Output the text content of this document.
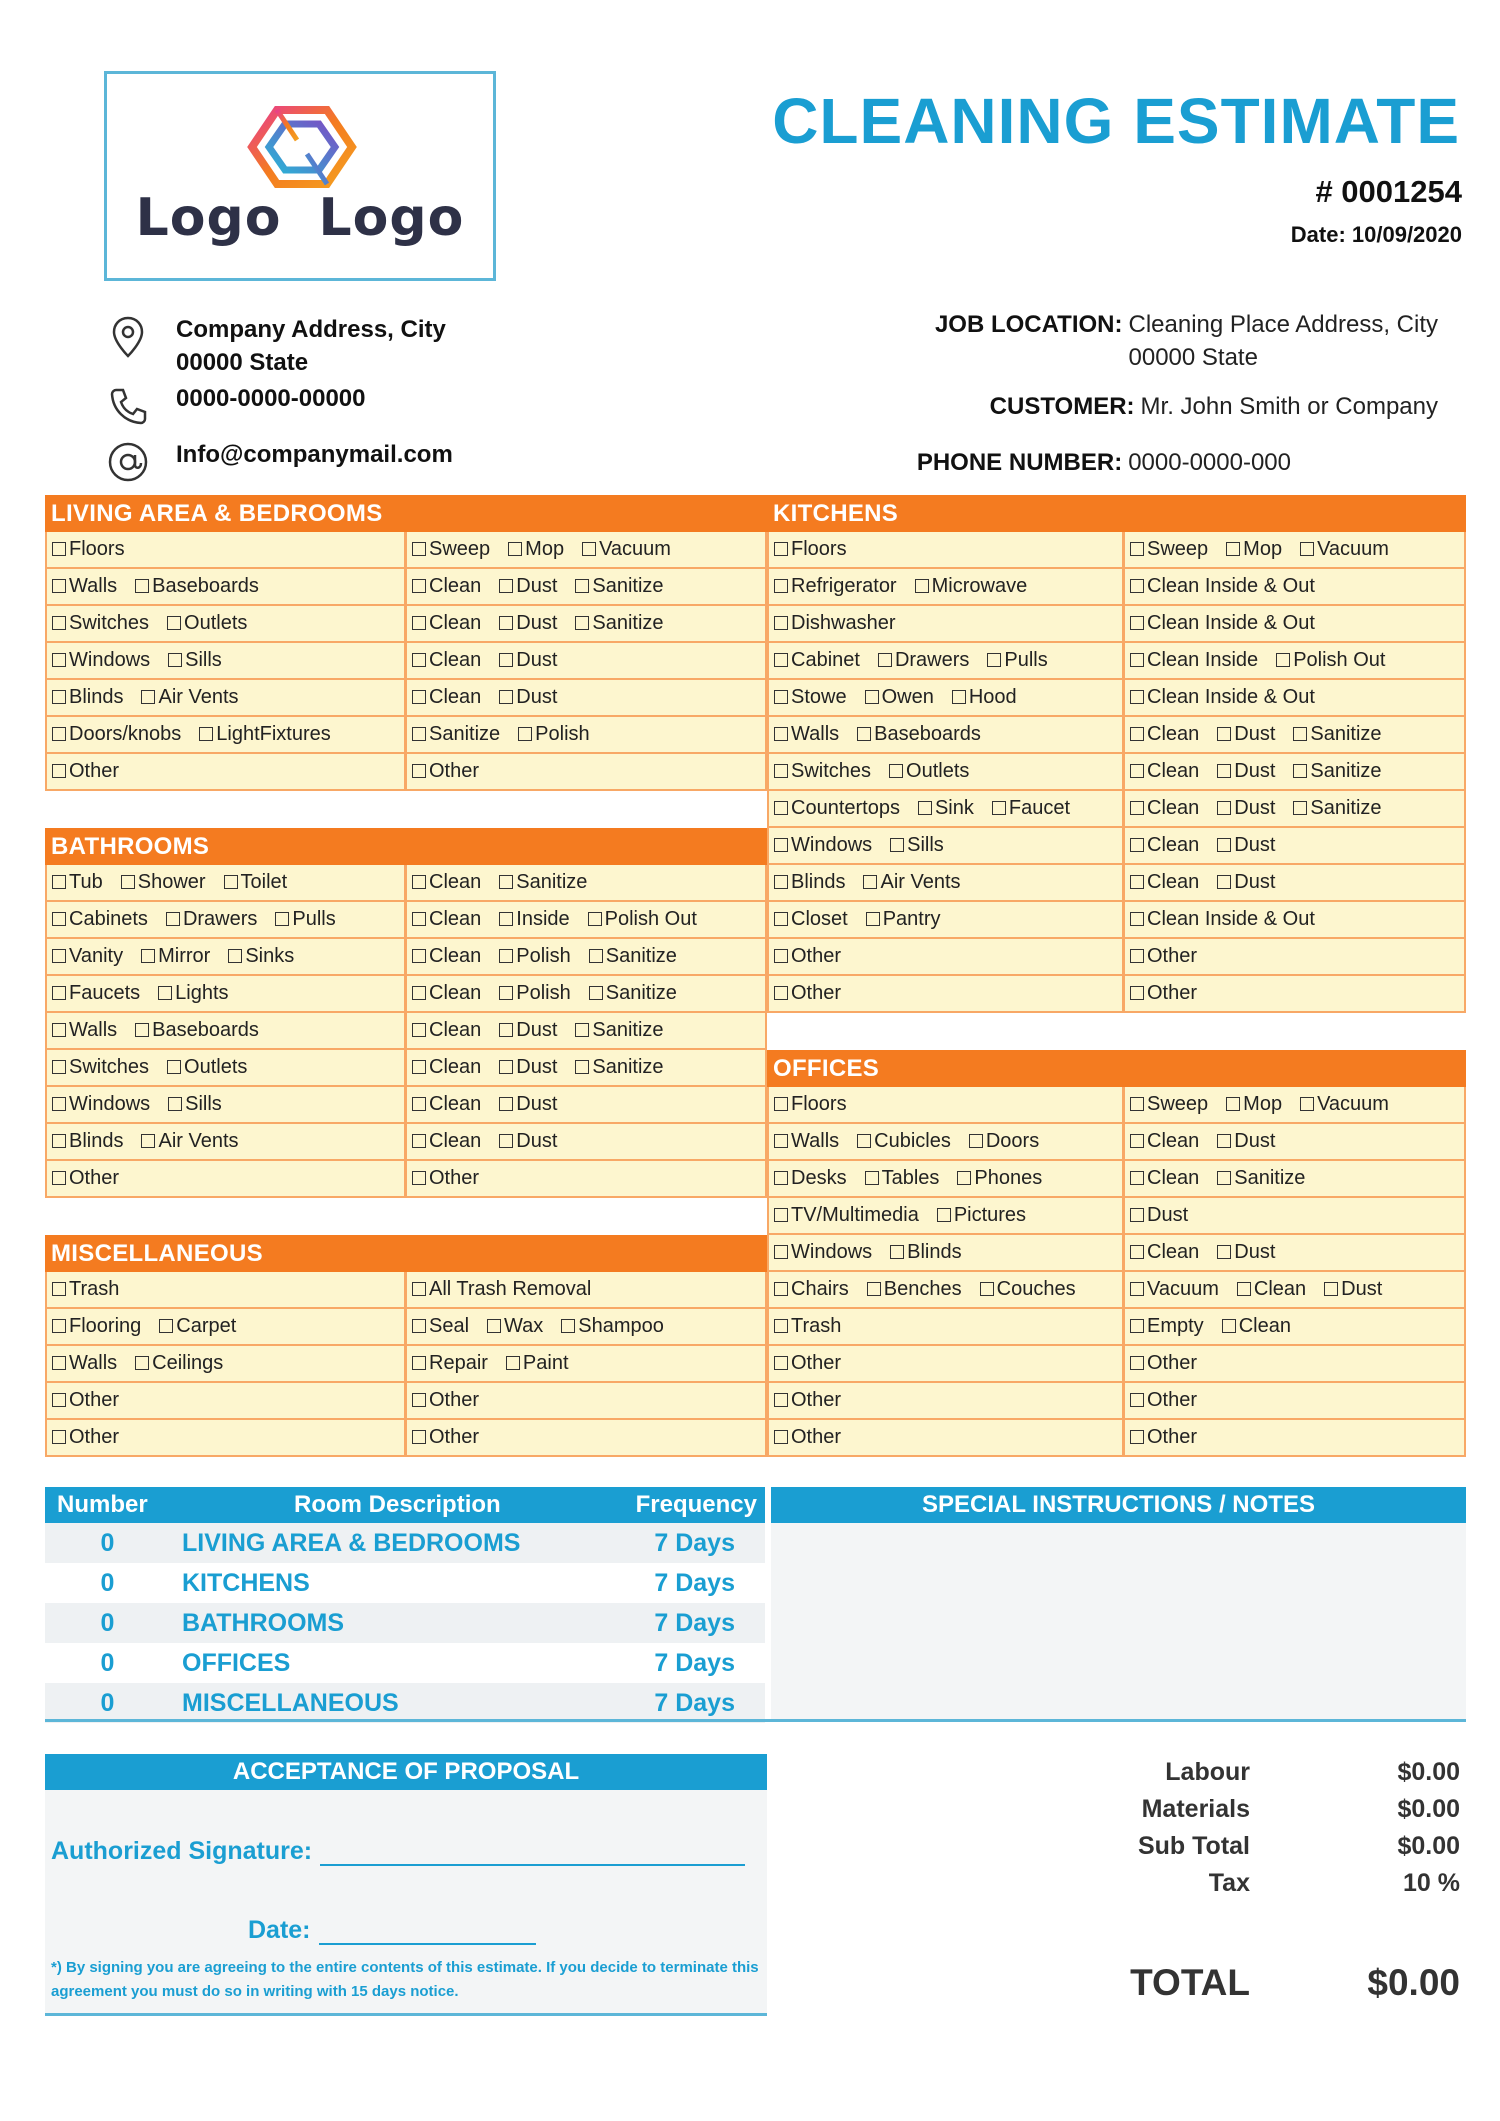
Logo Logo
CLEANING ESTIMATE
# 0001254
Date: 10/09/2020
Company Address, City
00000 State
0000-0000-00000
Info@companymail.com
JOB LOCATION: Cleaning Place Address, City
00000 State
CUSTOMER: Mr. John Smith or Company
PHONE NUMBER: 0000-0000-000
LIVING AREA & BEDROOMS
Floors	Sweep Mop Vacuum
Walls Baseboards	Clean Dust Sanitize
Switches Outlets	Clean Dust Sanitize
Windows Sills	Clean Dust
Blinds Air Vents	Clean Dust
Doors/knobs LightFixtures	Sanitize Polish
Other	Other
BATHROOMS
Tub Shower Toilet	Clean Sanitize
Cabinets Drawers Pulls	Clean Inside Polish Out
Vanity Mirror Sinks	Clean Polish Sanitize
Faucets Lights	Clean Polish Sanitize
Walls Baseboards	Clean Dust Sanitize
Switches Outlets	Clean Dust Sanitize
Windows Sills	Clean Dust
Blinds Air Vents	Clean Dust
Other	Other
MISCELLANEOUS
Trash	All Trash Removal
Flooring Carpet	Seal Wax Shampoo
Walls Ceilings	Repair Paint
Other	Other
Other	Other
KITCHENS
Floors	Sweep Mop Vacuum
Refrigerator Microwave	Clean Inside & Out
Dishwasher	Clean Inside & Out
Cabinet Drawers Pulls	Clean Inside Polish Out
Stowe Owen Hood	Clean Inside & Out
Walls Baseboards	Clean Dust Sanitize
Switches Outlets	Clean Dust Sanitize
Countertops Sink Faucet	Clean Dust Sanitize
Windows Sills	Clean Dust
Blinds Air Vents	Clean Dust
Closet Pantry	Clean Inside & Out
Other	Other
Other	Other
OFFICES
Floors	Sweep Mop Vacuum
Walls Cubicles Doors	Clean Dust
Desks Tables Phones	Clean Sanitize
TV/Multimedia Pictures	Dust
Windows Blinds	Clean Dust
Chairs Benches Couches	Vacuum Clean Dust
Trash	Empty Clean
Other	Other
Other	Other
Other	Other
Number	Room Description	Frequency
0	LIVING AREA & BEDROOMS	7 Days
0	KITCHENS	7 Days
0	BATHROOMS	7 Days
0	OFFICES	7 Days
0	MISCELLANEOUS	7 Days
SPECIAL INSTRUCTIONS / NOTES
ACCEPTANCE OF PROPOSAL
Authorized Signature:
Date:
*) By signing you are agreeing to the entire contents of this estimate. If you decide to terminate this agreement you must do so in writing with 15 days notice.
Labour	$0.00
Materials	$0.00
Sub Total	$0.00
Tax	10 %
TOTAL	$0.00
